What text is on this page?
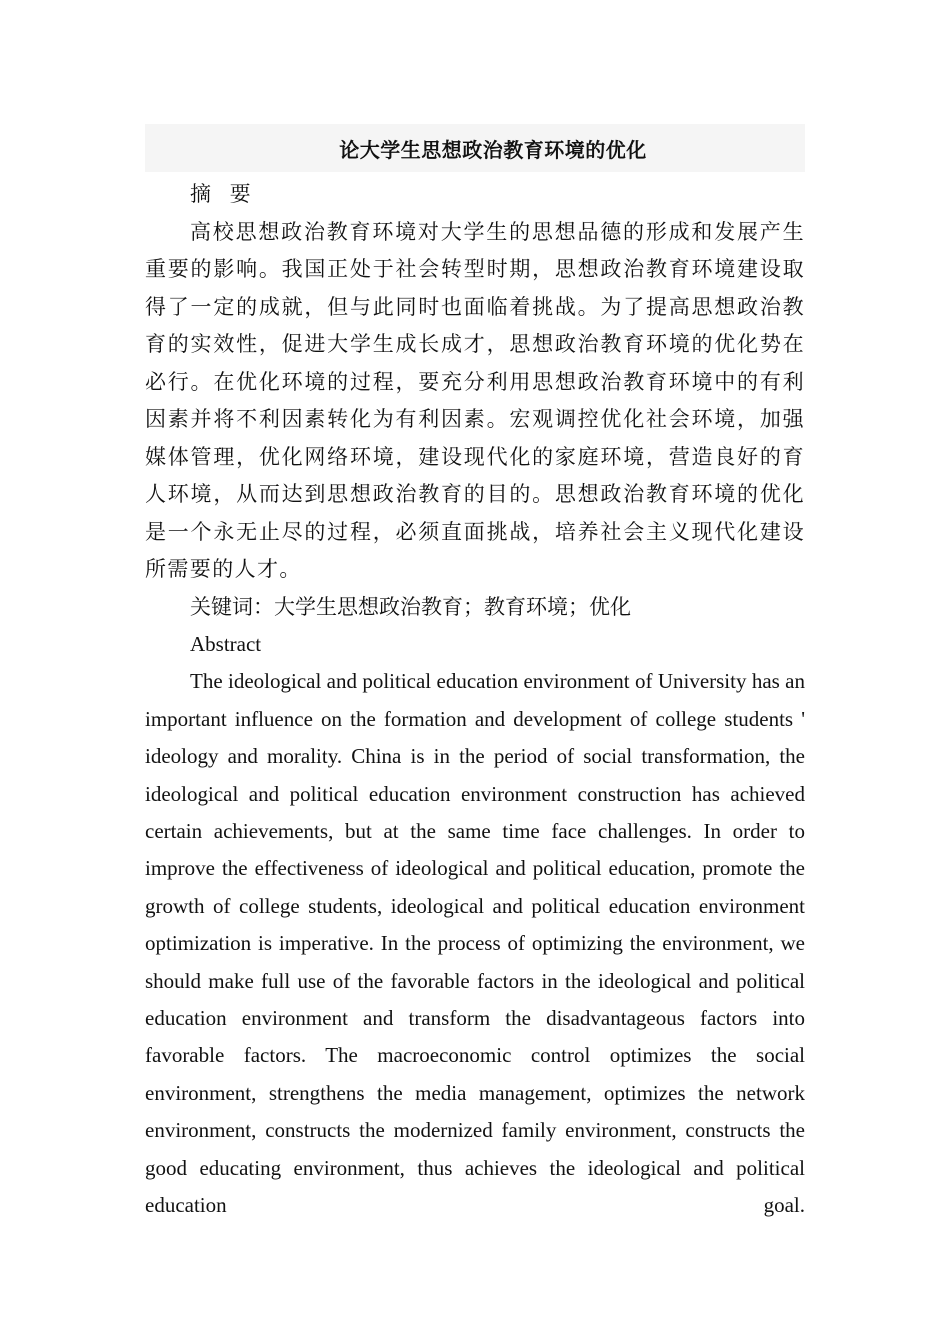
论大学生思想政治教育环境的优化

摘 要

高校思想政治教育环境对大学生的思想品德的形成和发展产生重要的影响。我国正处于社会转型时期，思想政治教育环境建设取得了一定的成就，但与此同时也面临着挑战。为了提高思想政治教育的实效性，促进大学生成长成才，思想政治教育环境的优化势在必行。在优化环境的过程，要充分利用思想政治教育环境中的有利因素并将不利因素转化为有利因素。宏观调控优化社会环境，加强媒体管理，优化网络环境，建设现代化的家庭环境，营造良好的育人环境，从而达到思想政治教育的目的。思想政治教育环境的优化是一个永无止尽的过程，必须直面挑战，培养社会主义现代化建设所需要的人才。

关键词：大学生思想政治教育；教育环境；优化

Abstract

The ideological and political education environment of University has an important influence on the formation and development of college students ' ideology and morality. China is in the period of social transformation, the ideological and political education environment construction has achieved certain achievements, but at the same time face challenges. In order to improve the effectiveness of ideological and political education, promote the growth of college students, ideological and political education environment optimization is imperative. In the process of optimizing the environment, we should make full use of the favorable factors in the ideological and political education environment and transform the disadvantageous factors into favorable factors. The macroeconomic control optimizes the social environment, strengthens the media management, optimizes the network environment, constructs the modernized family environment, constructs the good educating environment, thus achieves the ideological and political education goal.
